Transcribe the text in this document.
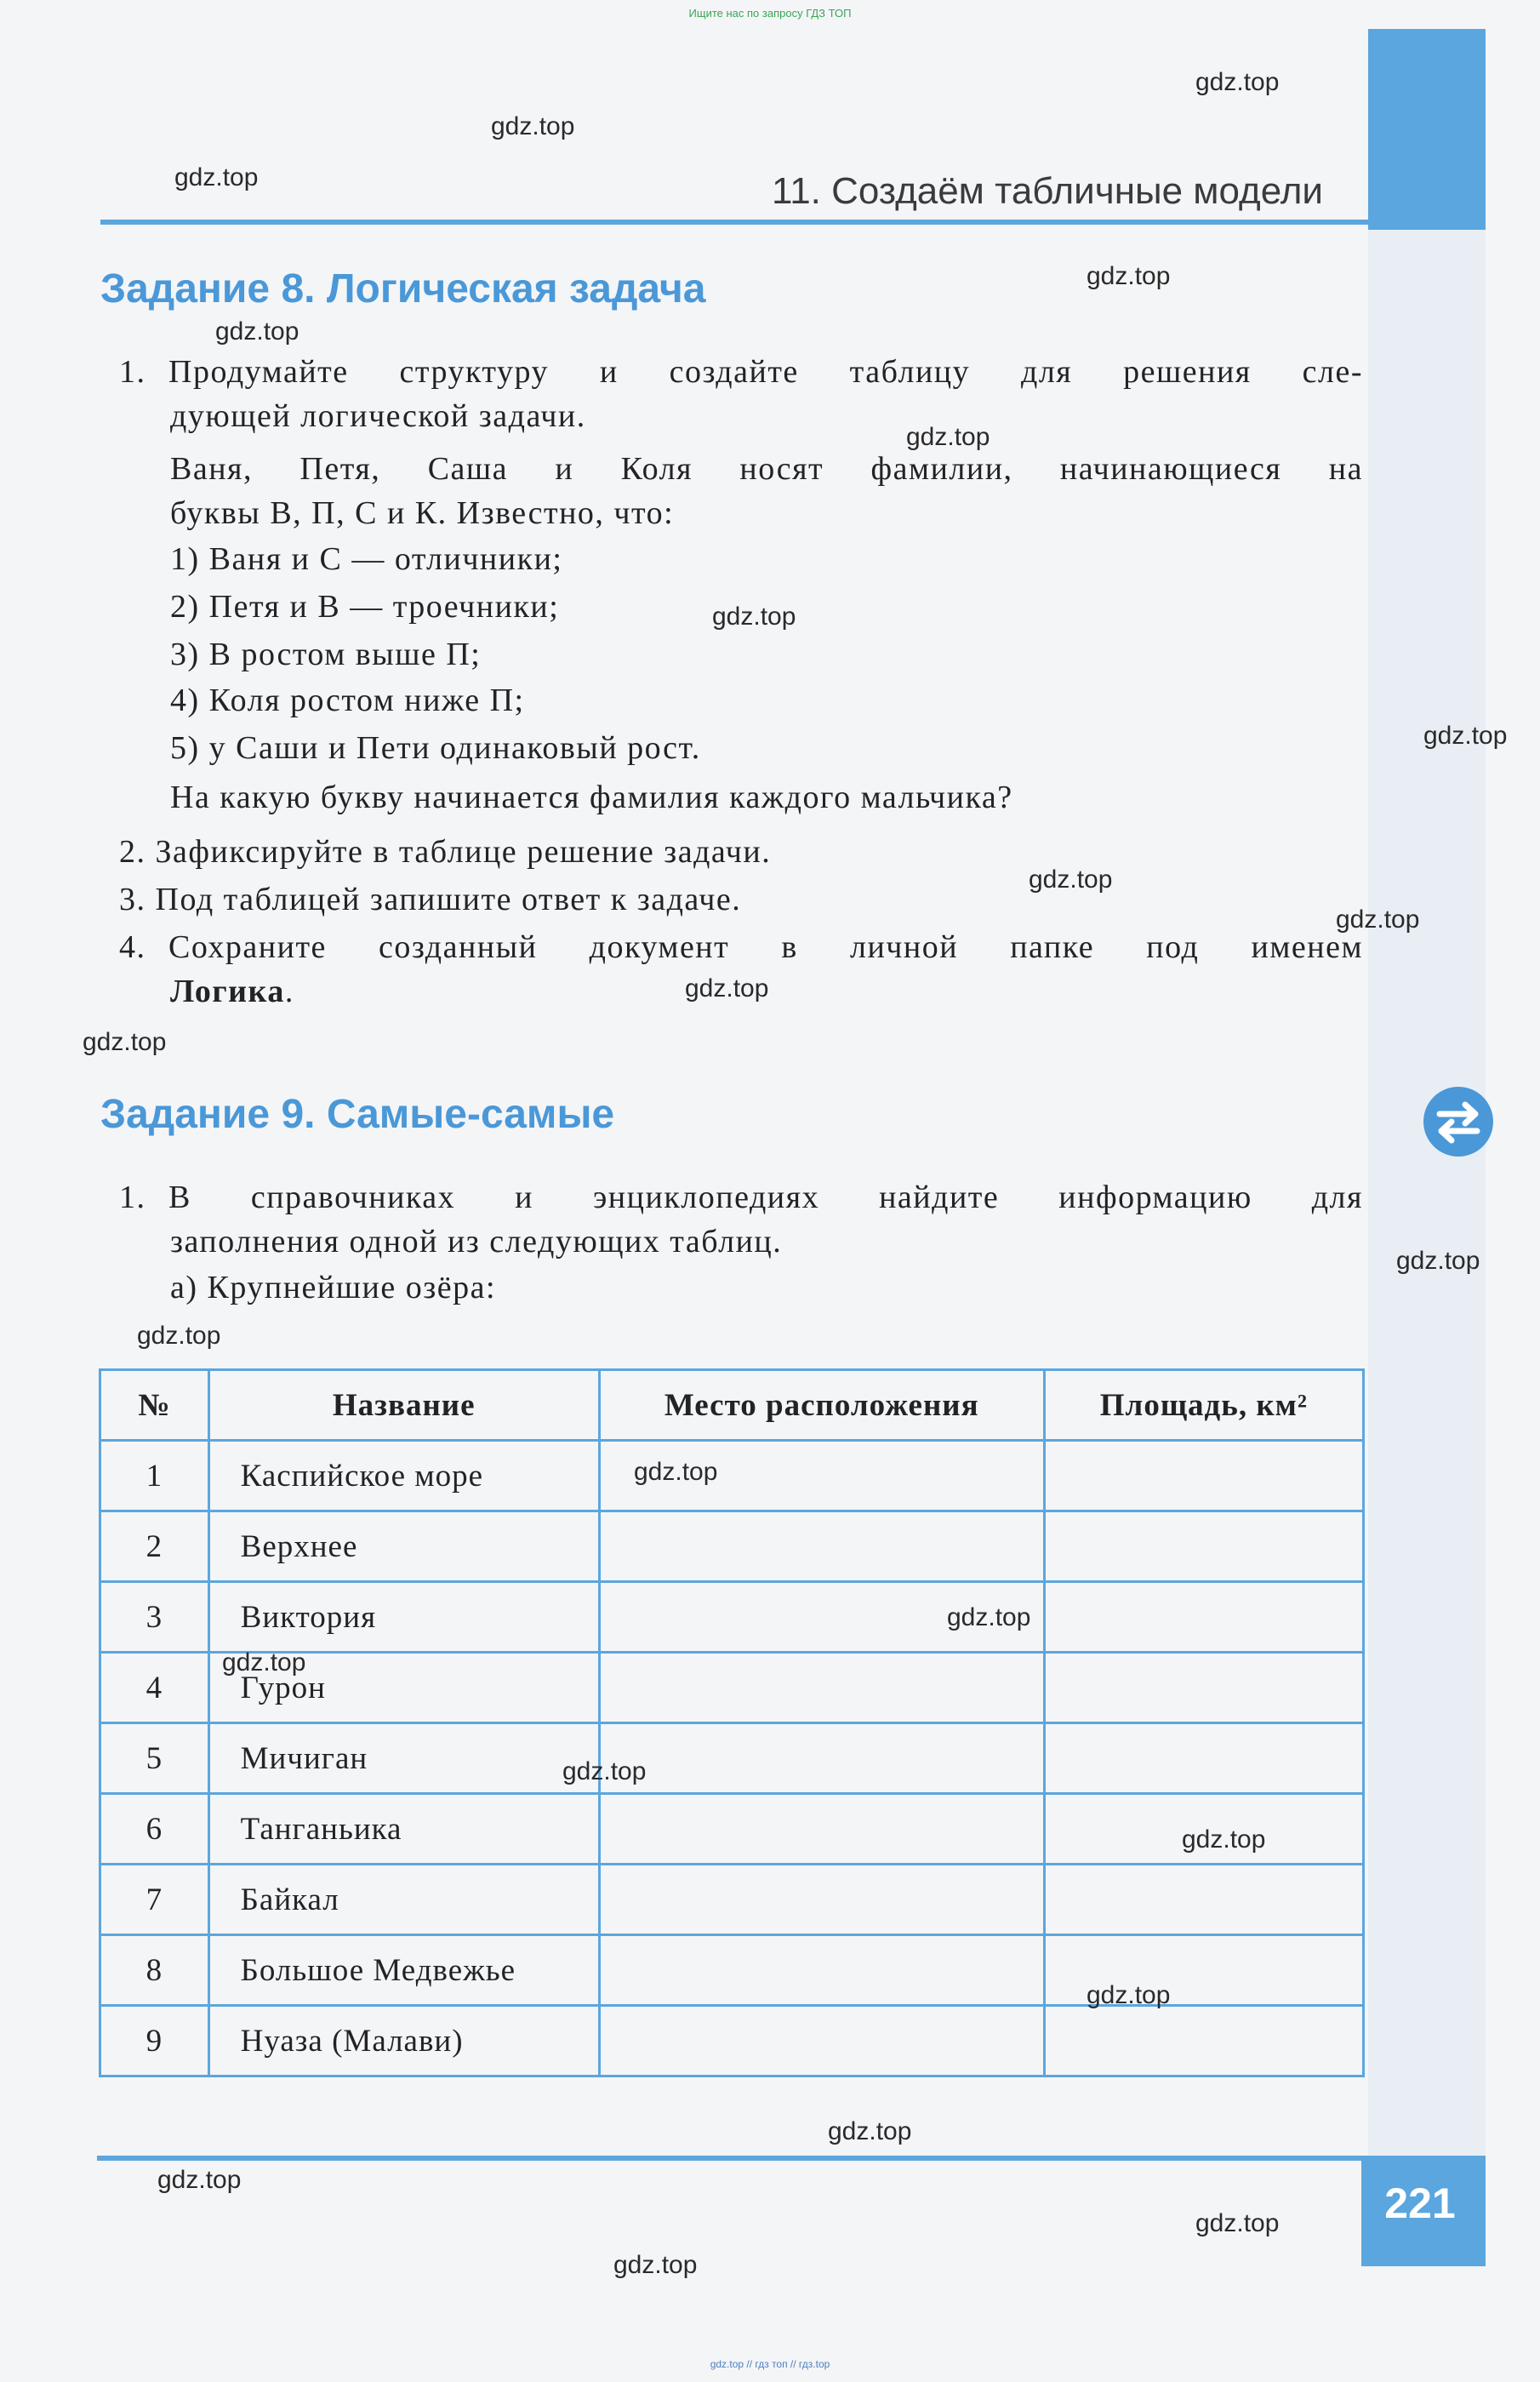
Ищите нас по запросу ГДЗ ТОП
11. Создаём табличные модели
Задание 8. Логическая задача
1. Продумайте структуру и создайте таблицу для решения сле-
дующей логической задачи.
Ваня, Петя, Саша и Коля носят фамилии, начинающиеся на
буквы В, П, С и К. Известно, что:
1) Ваня и С — отличники;
2) Петя и В — троечники;
3) В ростом выше П;
4) Коля ростом ниже П;
5) у Саши и Пети одинаковый рост.
На какую букву начинается фамилия каждого мальчика?
2. Зафиксируйте в таблице решение задачи.
3. Под таблицей запишите ответ к задаче.
4. Сохраните созданный документ в личной папке под именем
Логика.
Задание 9. Самые-самые
1. В справочниках и энциклопедиях найдите информацию для
заполнения одной из следующих таблиц.
а) Крупнейшие озёра:
№	Название	Место расположения	Площадь, км²
1	Каспийское море		
2	Верхнее		
3	Виктория		
4	Гурон		
5	Мичиган		
6	Танганьика		
7	Байкал		
8	Большое Медвежье		
9	Нуаза (Малави)		
221
gdz.top
gdz.top
gdz.top
gdz.top
gdz.top
gdz.top
gdz.top
gdz.top
gdz.top
gdz.top
gdz.top
gdz.top
gdz.top
gdz.top
gdz.top
gdz.top
gdz.top
gdz.top
gdz.top
gdz.top
gdz.top
gdz.top
gdz.top
gdz.top
gdz.top // гдз топ // гдз.top
